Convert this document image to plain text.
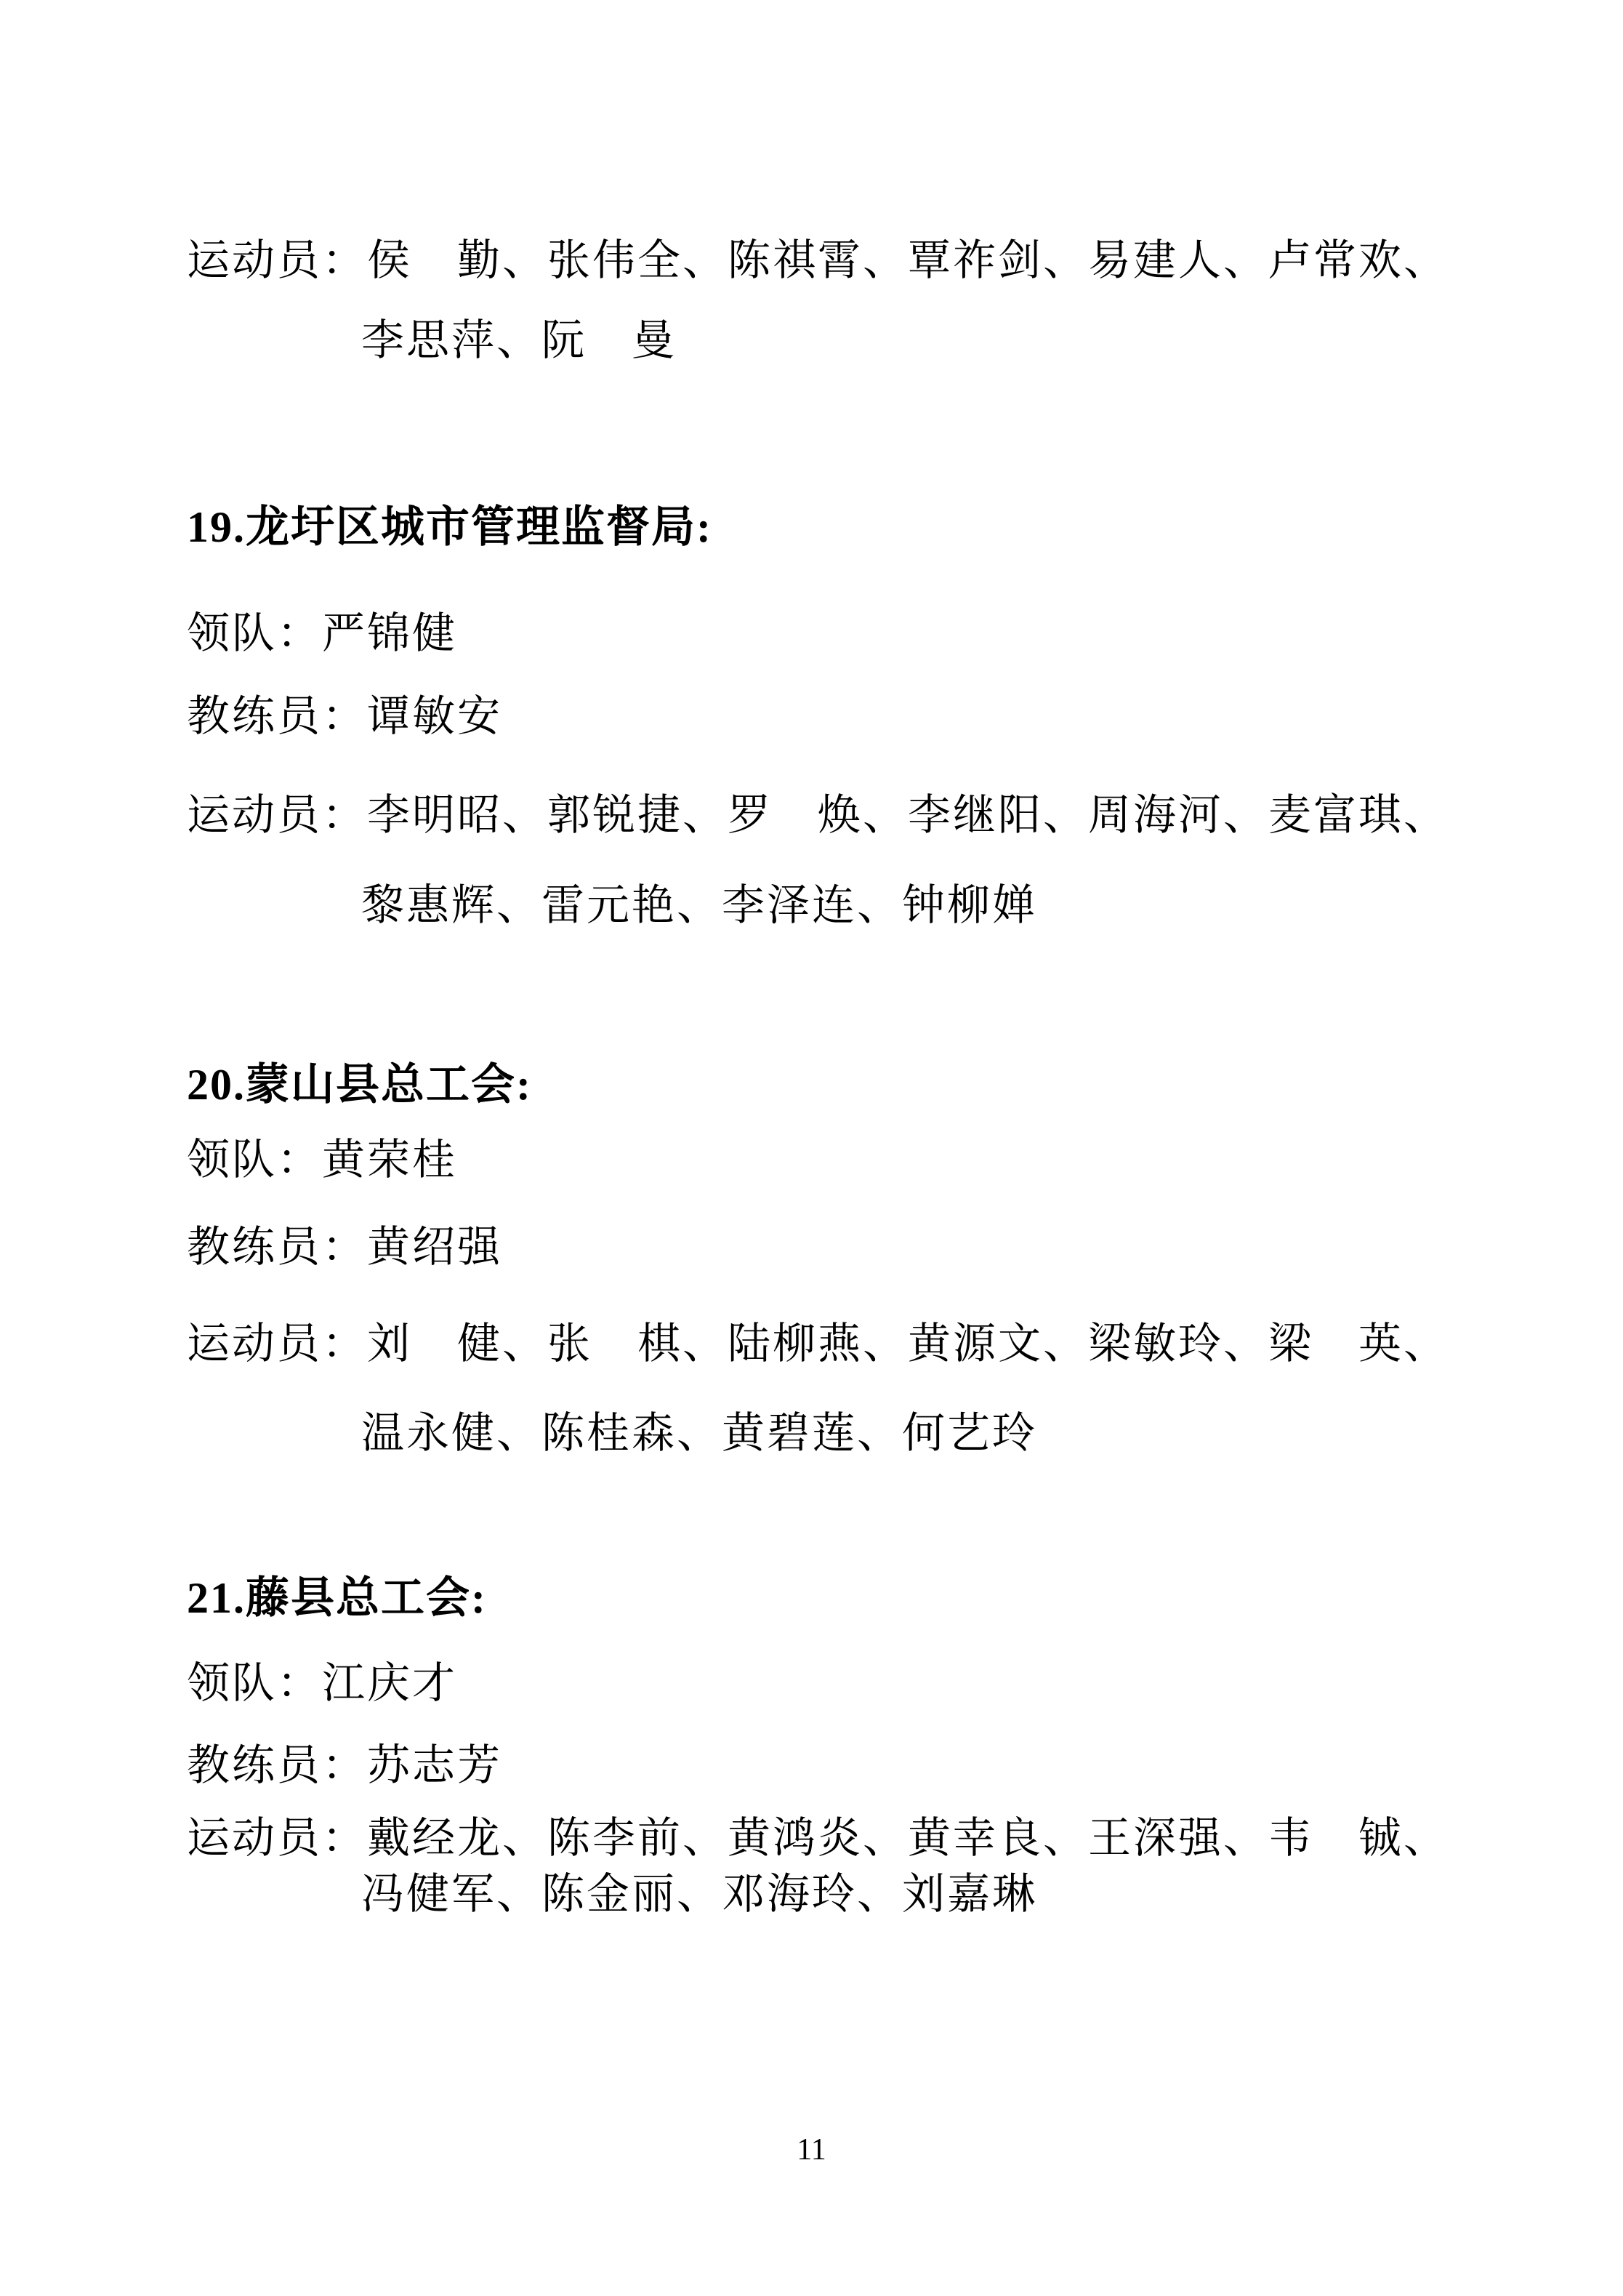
运动员：侯　勤、张伟全、陈祺霄、覃祚剑、易建人、卢常欢、
李思萍、阮　曼
19.龙圩区城市管理监督局:
领队：严锦健
教练员：谭敏安
运动员：李明昭、郭锐捷、罗　焕、李继阳、周海河、麦富琪、
黎惠辉、雷元艳、李泽连、钟柳婵
20.蒙山县总工会:
领队：黄荣桂
教练员：黄绍强
运动员：刘　健、张　棋、陆柳燕、黄源文、梁敏玲、梁　英、
温永健、陈桂森、黄碧莲、何艺玲
21.藤县总工会:
领队：江庆才
教练员：苏志芳
运动员：戴经龙、陈李前、黄鸿炎、黄幸良、王深强、韦　铖、
冯健军、陈金丽、邓海玲、刘嘉琳
11
